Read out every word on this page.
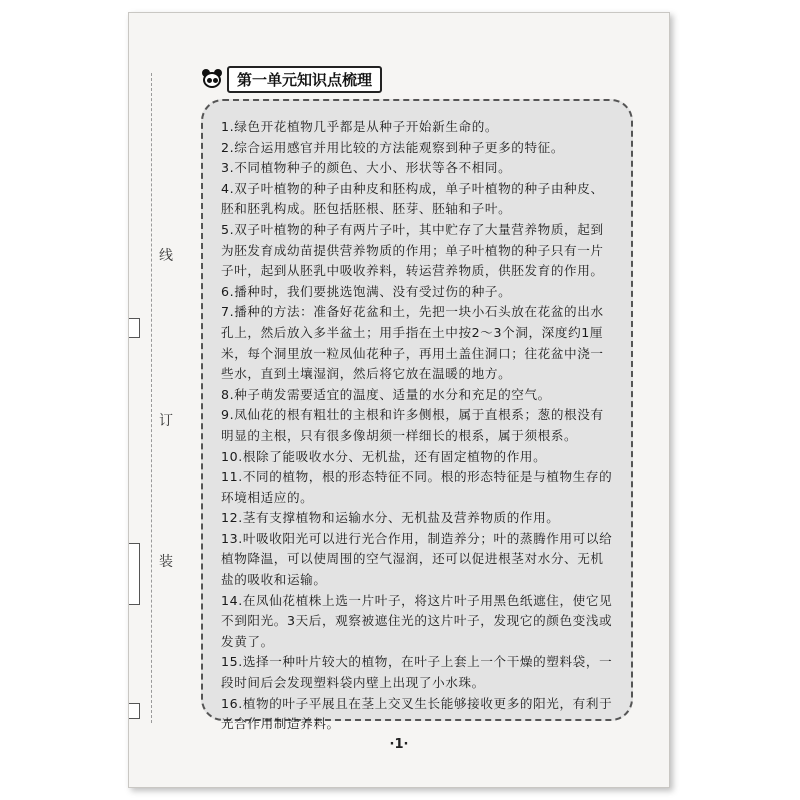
线
订
装
第一单元知识点梳理
1.绿色开花植物几乎都是从种子开始新生命的。
2.综合运用感官并用比较的方法能观察到种子更多的特征。
3.不同植物种子的颜色、大小、形状等各不相同。
4.双子叶植物的种子由种皮和胚构成，单子叶植物的种子由种皮、胚和胚乳构成。胚包括胚根、胚芽、胚轴和子叶。
5.双子叶植物的种子有两片子叶，其中贮存了大量营养物质，起到为胚发育成幼苗提供营养物质的作用；单子叶植物的种子只有一片子叶，起到从胚乳中吸收养料，转运营养物质，供胚发育的作用。
6.播种时，我们要挑选饱满、没有受过伤的种子。
7.播种的方法：准备好花盆和土，先把一块小石头放在花盆的出水孔上，然后放入多半盆土；用手指在土中按2～3个洞，深度约1厘米，每个洞里放一粒凤仙花种子，再用土盖住洞口；往花盆中浇一些水，直到土壤湿润，然后将它放在温暖的地方。
8.种子萌发需要适宜的温度、适量的水分和充足的空气。
9.凤仙花的根有粗壮的主根和许多侧根，属于直根系；葱的根没有明显的主根，只有很多像胡须一样细长的根系，属于须根系。
10.根除了能吸收水分、无机盐，还有固定植物的作用。
11.不同的植物，根的形态特征不同。根的形态特征是与植物生存的环境相适应的。
12.茎有支撑植物和运输水分、无机盐及营养物质的作用。
13.叶吸收阳光可以进行光合作用，制造养分；叶的蒸腾作用可以给植物降温，可以使周围的空气湿润，还可以促进根茎对水分、无机盐的吸收和运输。
14.在凤仙花植株上选一片叶子，将这片叶子用黑色纸遮住，使它见不到阳光。3天后，观察被遮住光的这片叶子，发现它的颜色变浅或发黄了。
15.选择一种叶片较大的植物，在叶子上套上一个干燥的塑料袋，一段时间后会发现塑料袋内壁上出现了小水珠。
16.植物的叶子平展且在茎上交叉生长能够接收更多的阳光，有利于光合作用制造养料。
·1·
